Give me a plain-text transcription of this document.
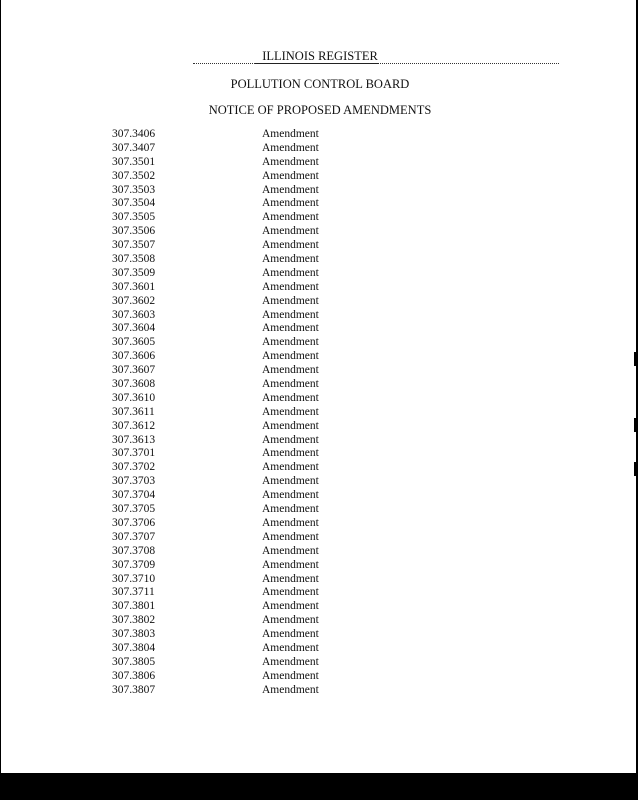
ILLINOIS REGISTER
POLLUTION CONTROL BOARD
NOTICE OF PROPOSED AMENDMENTS
307.3406	Amendment
307.3407	Amendment
307.3501	Amendment
307.3502	Amendment
307.3503	Amendment
307.3504	Amendment
307.3505	Amendment
307.3506	Amendment
307.3507	Amendment
307.3508	Amendment
307.3509	Amendment
307.3601	Amendment
307.3602	Amendment
307.3603	Amendment
307.3604	Amendment
307.3605	Amendment
307.3606	Amendment
307.3607	Amendment
307.3608	Amendment
307.3610	Amendment
307.3611	Amendment
307.3612	Amendment
307.3613	Amendment
307.3701	Amendment
307.3702	Amendment
307.3703	Amendment
307.3704	Amendment
307.3705	Amendment
307.3706	Amendment
307.3707	Amendment
307.3708	Amendment
307.3709	Amendment
307.3710	Amendment
307.3711	Amendment
307.3801	Amendment
307.3802	Amendment
307.3803	Amendment
307.3804	Amendment
307.3805	Amendment
307.3806	Amendment
307.3807	Amendment
